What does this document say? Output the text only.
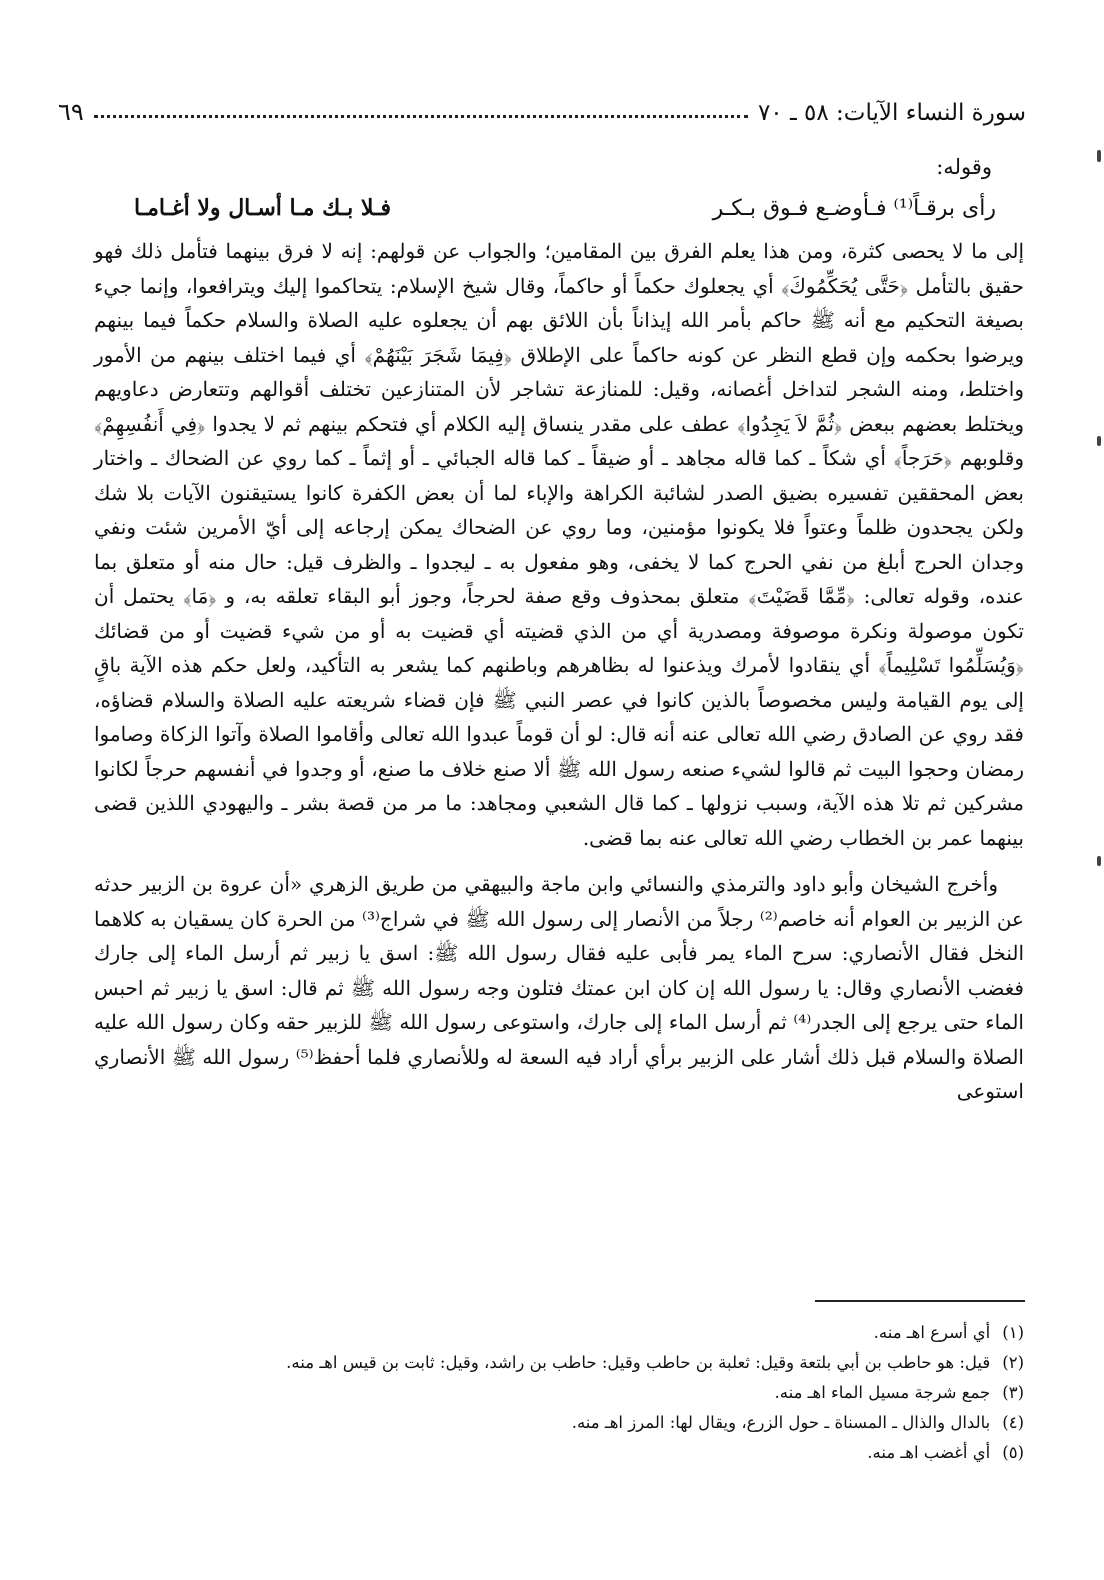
سورة النساء الآيات: ٥٨ ـ ٧٠
٦٩
وقوله:
رأى برقـاً⁽¹⁾ فـأوضـع فـوق بـكـر
فـلا بـك مـا أسـال ولا أغـامـا

إلى ما لا يحصى كثرة، ومن هذا يعلم الفرق بين المقامين؛ والجواب عن قولهم: إنه لا فرق بينهما فتأمل ذلك فهو حقيق بالتأمل ﴿حَتَّى يُحَكِّمُوكَ﴾ أي يجعلوك حكماً أو حاكماً، وقال شيخ الإسلام: يتحاكموا إليك ويترافعوا، وإنما جيء بصيغة التحكيم مع أنه ﷺ حاكم بأمر الله إيذاناً بأن اللائق بهم أن يجعلوه عليه الصلاة والسلام حكماً فيما بينهم ويرضوا بحكمه وإن قطع النظر عن كونه حاكماً على الإطلاق ﴿فِيمَا شَجَرَ بَيْنَهُمْ﴾ أي فيما اختلف بينهم من الأمور واختلط، ومنه الشجر لتداخل أغصانه، وقيل: للمنازعة تشاجر لأن المتنازعين تختلف أقوالهم وتتعارض دعاويهم ويختلط بعضهم ببعض ﴿ثُمَّ لاَ يَجِدُوا﴾ عطف على مقدر ينساق إليه الكلام أي فتحكم بينهم ثم لا يجدوا ﴿فِي أَنفُسِهِمْ﴾ وقلوبهم ﴿حَرَجاً﴾ أي شكاً ـ كما قاله مجاهد ـ أو ضيقاً ـ كما قاله الجبائي ـ أو إثماً ـ كما روي عن الضحاك ـ واختار بعض المحققين تفسيره بضيق الصدر لشائبة الكراهة والإباء لما أن بعض الكفرة كانوا يستيقنون الآيات بلا شك ولكن يجحدون ظلماً وعتواً فلا يكونوا مؤمنين، وما روي عن الضحاك يمكن إرجاعه إلى أيّ الأمرين شئت ونفي وجدان الحرج أبلغ من نفي الحرج كما لا يخفى، وهو مفعول به ـ ليجدوا ـ والظرف قيل: حال منه أو متعلق بما عنده، وقوله تعالى: ﴿مِّمَّا قَضَيْتَ﴾ متعلق بمحذوف وقع صفة لحرجاً، وجوز أبو البقاء تعلقه به، و ﴿مَا﴾ يحتمل أن تكون موصولة ونكرة موصوفة ومصدرية أي من الذي قضيته أي قضيت به أو من شيء قضيت أو من قضائك ﴿وَيُسَلِّمُوا تَسْلِيماً﴾ أي ينقادوا لأمرك ويذعنوا له بظاهرهم وباطنهم كما يشعر به التأكيد، ولعل حكم هذه الآية باقٍ إلى يوم القيامة وليس مخصوصاً بالذين كانوا في عصر النبي ﷺ فإن قضاء شريعته عليه الصلاة والسلام قضاؤه، فقد روي عن الصادق رضي الله تعالى عنه أنه قال: لو أن قوماً عبدوا الله تعالى وأقاموا الصلاة وآتوا الزكاة وصاموا رمضان وحجوا البيت ثم قالوا لشيء صنعه رسول الله ﷺ ألا صنع خلاف ما صنع، أو وجدوا في أنفسهم حرجاً لكانوا مشركين ثم تلا هذه الآية، وسبب نزولها ـ كما قال الشعبي ومجاهد: ما مر من قصة بشر ـ واليهودي اللذين قضى بينهما عمر بن الخطاب رضي الله تعالى عنه بما قضى.

وأخرج الشيخان وأبو داود والترمذي والنسائي وابن ماجة والبيهقي من طريق الزهري «أن عروة بن الزبير حدثه عن الزبير بن العوام أنه خاصم⁽²⁾ رجلاً من الأنصار إلى رسول الله ﷺ في شراج⁽³⁾ من الحرة كان يسقيان به كلاهما النخل فقال الأنصاري: سرح الماء يمر فأبى عليه فقال رسول الله ﷺ: اسق يا زبير ثم أرسل الماء إلى جارك فغضب الأنصاري وقال: يا رسول الله إن كان ابن عمتك فتلون وجه رسول الله ﷺ ثم قال: اسق يا زبير ثم احبس الماء حتى يرجع إلى الجدر⁽⁴⁾ ثم أرسل الماء إلى جارك، واستوعى رسول الله ﷺ للزبير حقه وكان رسول الله عليه الصلاة والسلام قبل ذلك أشار على الزبير برأي أراد فيه السعة له وللأنصاري فلما أحفظ⁽⁵⁾ رسول الله ﷺ الأنصاري استوعى

(١)
أي أسرع اهـ منه.
(٢)
قيل: هو حاطب بن أبي بلتعة وقيل: ثعلبة بن حاطب وقيل: حاطب بن راشد، وقيل: ثابت بن قيس اهـ منه.
(٣)
جمع شرجة مسيل الماء اهـ منه.
(٤)
بالدال والذال ـ المسناة ـ حول الزرع، ويقال لها: المرز اهـ منه.
(٥)
أي أغضب اهـ منه.
